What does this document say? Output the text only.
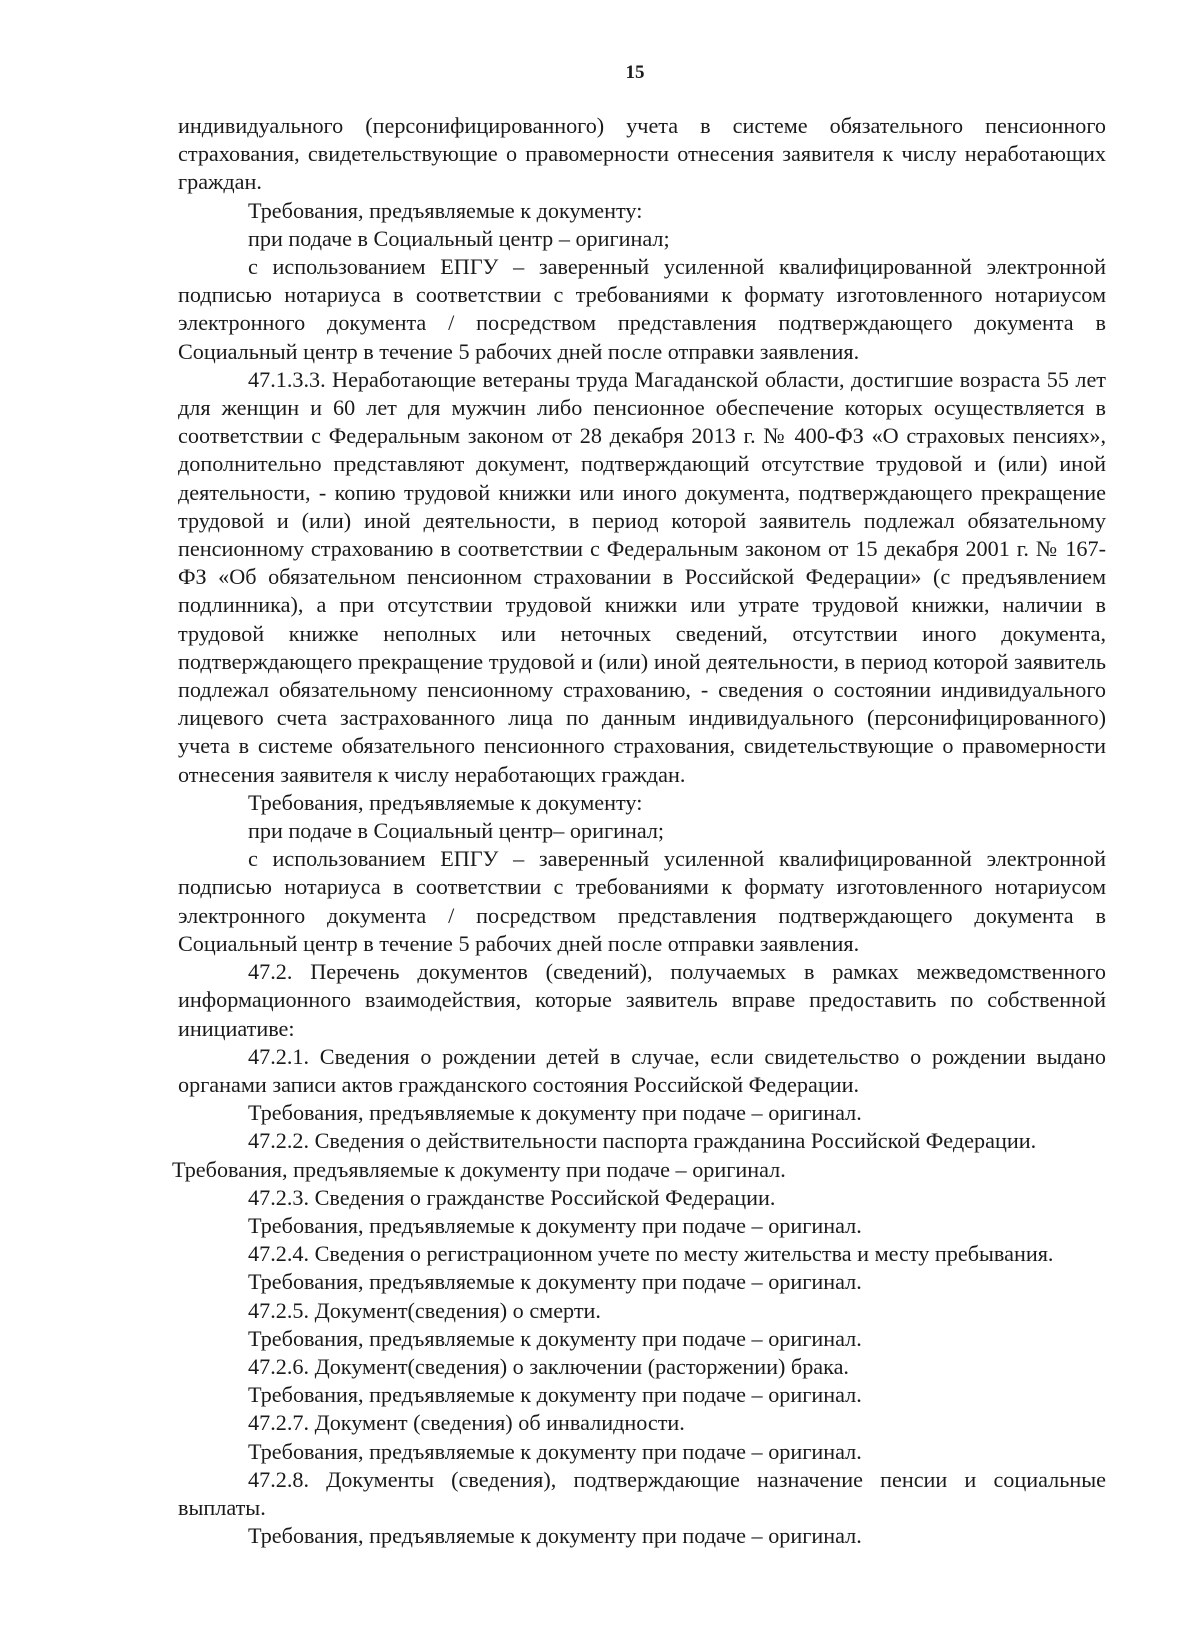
15

индивидуального (персонифицированного) учета в системе обязательного пенсионного страхования, свидетельствующие о правомерности отнесения заявителя к числу неработающих граждан.

Требования, предъявляемые к документу:

при подаче в Социальный центр – оригинал;

с использованием ЕПГУ – заверенный усиленной квалифицированной электронной подписью нотариуса в соответствии с требованиями к формату изготовленного нотариусом электронного документа / посредством представления подтверждающего документа в Социальный центр в течение 5 рабочих дней после отправки заявления.

47.1.3.3. Неработающие ветераны труда Магаданской области, достигшие возраста 55 лет для женщин и 60 лет для мужчин либо пенсионное обеспечение которых осуществляется в соответствии с Федеральным законом от 28 декабря 2013 г. № 400-ФЗ «О страховых пенсиях», дополнительно представляют документ, подтверждающий отсутствие трудовой и (или) иной деятельности, - копию трудовой книжки или иного документа, подтверждающего прекращение трудовой и (или) иной деятельности, в период которой заявитель подлежал обязательному пенсионному страхованию в соответствии с Федеральным законом от 15 декабря 2001 г. № 167-ФЗ «Об обязательном пенсионном страховании в Российской Федерации» (с предъявлением подлинника), а при отсутствии трудовой книжки или утрате трудовой книжки, наличии в трудовой книжке неполных или неточных сведений, отсутствии иного документа, подтверждающего прекращение трудовой и (или) иной деятельности, в период которой заявитель подлежал обязательному пенсионному страхованию, - сведения о состоянии индивидуального лицевого счета застрахованного лица по данным индивидуального (персонифицированного) учета в системе обязательного пенсионного страхования, свидетельствующие о правомерности отнесения заявителя к числу неработающих граждан.

Требования, предъявляемые к документу:

при подаче в Социальный центр– оригинал;

с использованием ЕПГУ – заверенный усиленной квалифицированной электронной подписью нотариуса в соответствии с требованиями к формату изготовленного нотариусом электронного документа / посредством представления подтверждающего документа в Социальный центр в течение 5 рабочих дней после отправки заявления.

47.2. Перечень документов (сведений), получаемых в рамках межведомственного информационного взаимодействия, которые заявитель вправе предоставить по собственной инициативе:

47.2.1. Сведения о рождении детей в случае, если свидетельство о рождении выдано органами записи актов гражданского состояния Российской Федерации.

Требования, предъявляемые к документу при подаче – оригинал.

47.2.2. Сведения о действительности паспорта гражданина Российской Федерации.

Требования, предъявляемые к документу при подаче – оригинал.

47.2.3. Сведения о гражданстве Российской Федерации.

Требования, предъявляемые к документу при подаче – оригинал.

47.2.4. Сведения о регистрационном учете по месту жительства и месту пребывания.

Требования, предъявляемые к документу при подаче – оригинал.

47.2.5. Документ(сведения) о смерти.

Требования, предъявляемые к документу при подаче – оригинал.

47.2.6. Документ(сведения) о заключении (расторжении) брака.

Требования, предъявляемые к документу при подаче – оригинал.

47.2.7. Документ (сведения) об инвалидности.

Требования, предъявляемые к документу при подаче – оригинал.

47.2.8. Документы (сведения), подтверждающие назначение пенсии и социальные выплаты.

Требования, предъявляемые к документу при подаче – оригинал.
